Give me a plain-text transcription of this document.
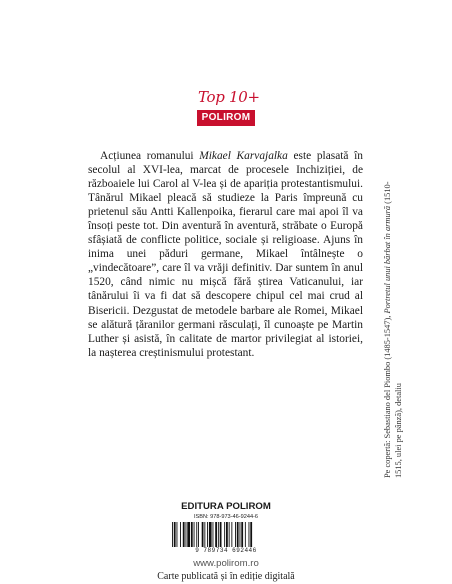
Top 10+
POLIROM

Acțiunea romanului Mikael Karvajalka este plasată în secolul al XVI-lea, marcat de procesele Inchiziției, de războaiele lui Carol al V-lea și de apariția protestantismului. Tânărul Mikael pleacă să studieze la Paris împreună cu prietenul său Antti Kallenpoika, fierarul care mai apoi îl va însoți peste tot. Din aventură în aventură, străbate o Europă sfâșiată de conflicte politice, sociale și religioase. Ajuns în inima unei păduri germane, Mikael întâlnește o „vindecătoare”, care îl va vrăji definitiv. Dar suntem în anul 1520, când nimic nu mișcă fără știrea Vaticanului, iar tânărului îi va fi dat să descopere chipul cel mai crud al Bisericii. Dezgustat de metodele barbare ale Romei, Mikael se alătură țăranilor germani răsculați, îl cunoaște pe Martin Luther și asistă, în calitate de martor privilegiat al istoriei, la nașterea creștinismului protestant.	Pe copertă: Sebastiano del Piombo (1485-1547), Portretul unui bărbat în armură (1510-1515, ulei pe pânză), detaliu
EDITURA POLIROM
ISBN: 978-973-46-9244-6
9 789734 692446
www.polirom.ro
Carte publicată și în ediție digitală
